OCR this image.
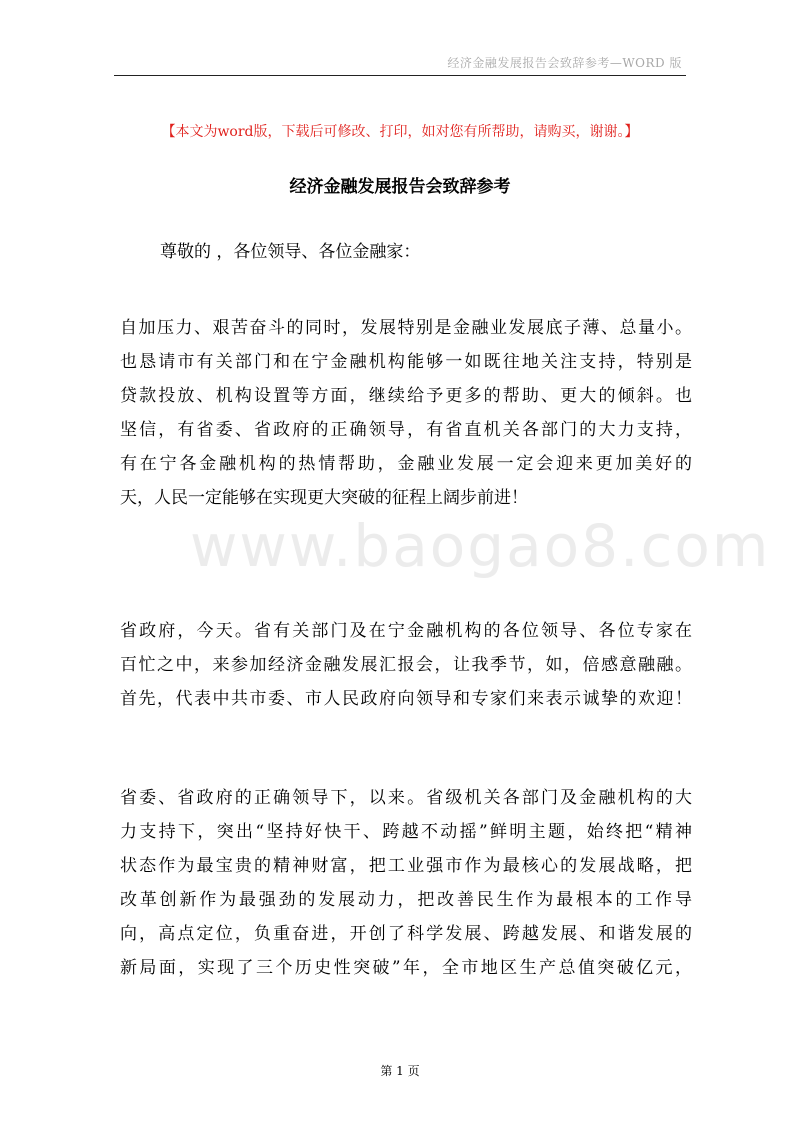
经济金融发展报告会致辞参考—WORD 版
www.baogao8.com
【本文为word版，下载后可修改、打印，如对您有所帮助，请购买，谢谢。】
经济金融发展报告会致辞参考
尊敬的 ，各位领导、各位金融家：
自加压力、艰苦奋斗的同时，发展特别是金融业发展底子薄、总量小。
也恳请市有关部门和在宁金融机构能够一如既往地关注支持，特别是
贷款投放、机构设置等方面，继续给予更多的帮助、更大的倾斜。也
坚信，有省委、省政府的正确领导，有省直机关各部门的大力支持，
有在宁各金融机构的热情帮助，金融业发展一定会迎来更加美好的
天，人民一定能够在实现更大突破的征程上阔步前进！
省政府，今天。省有关部门及在宁金融机构的各位领导、各位专家在
百忙之中，来参加经济金融发展汇报会，让我季节，如，倍感意融融。
首先，代表中共市委、市人民政府向领导和专家们来表示诚挚的欢迎！
省委、省政府的正确领导下，以来。省级机关各部门及金融机构的大
力支持下，突出“坚持好快干、跨越不动摇”鲜明主题，始终把“精神
状态作为最宝贵的精神财富，把工业强市作为最核心的发展战略，把
改革创新作为最强劲的发展动力，把改善民生作为最根本的工作导
向，高点定位，负重奋进，开创了科学发展、跨越发展、和谐发展的
新局面，实现了三个历史性突破”年，全市地区生产总值突破亿元，
第 1 页
